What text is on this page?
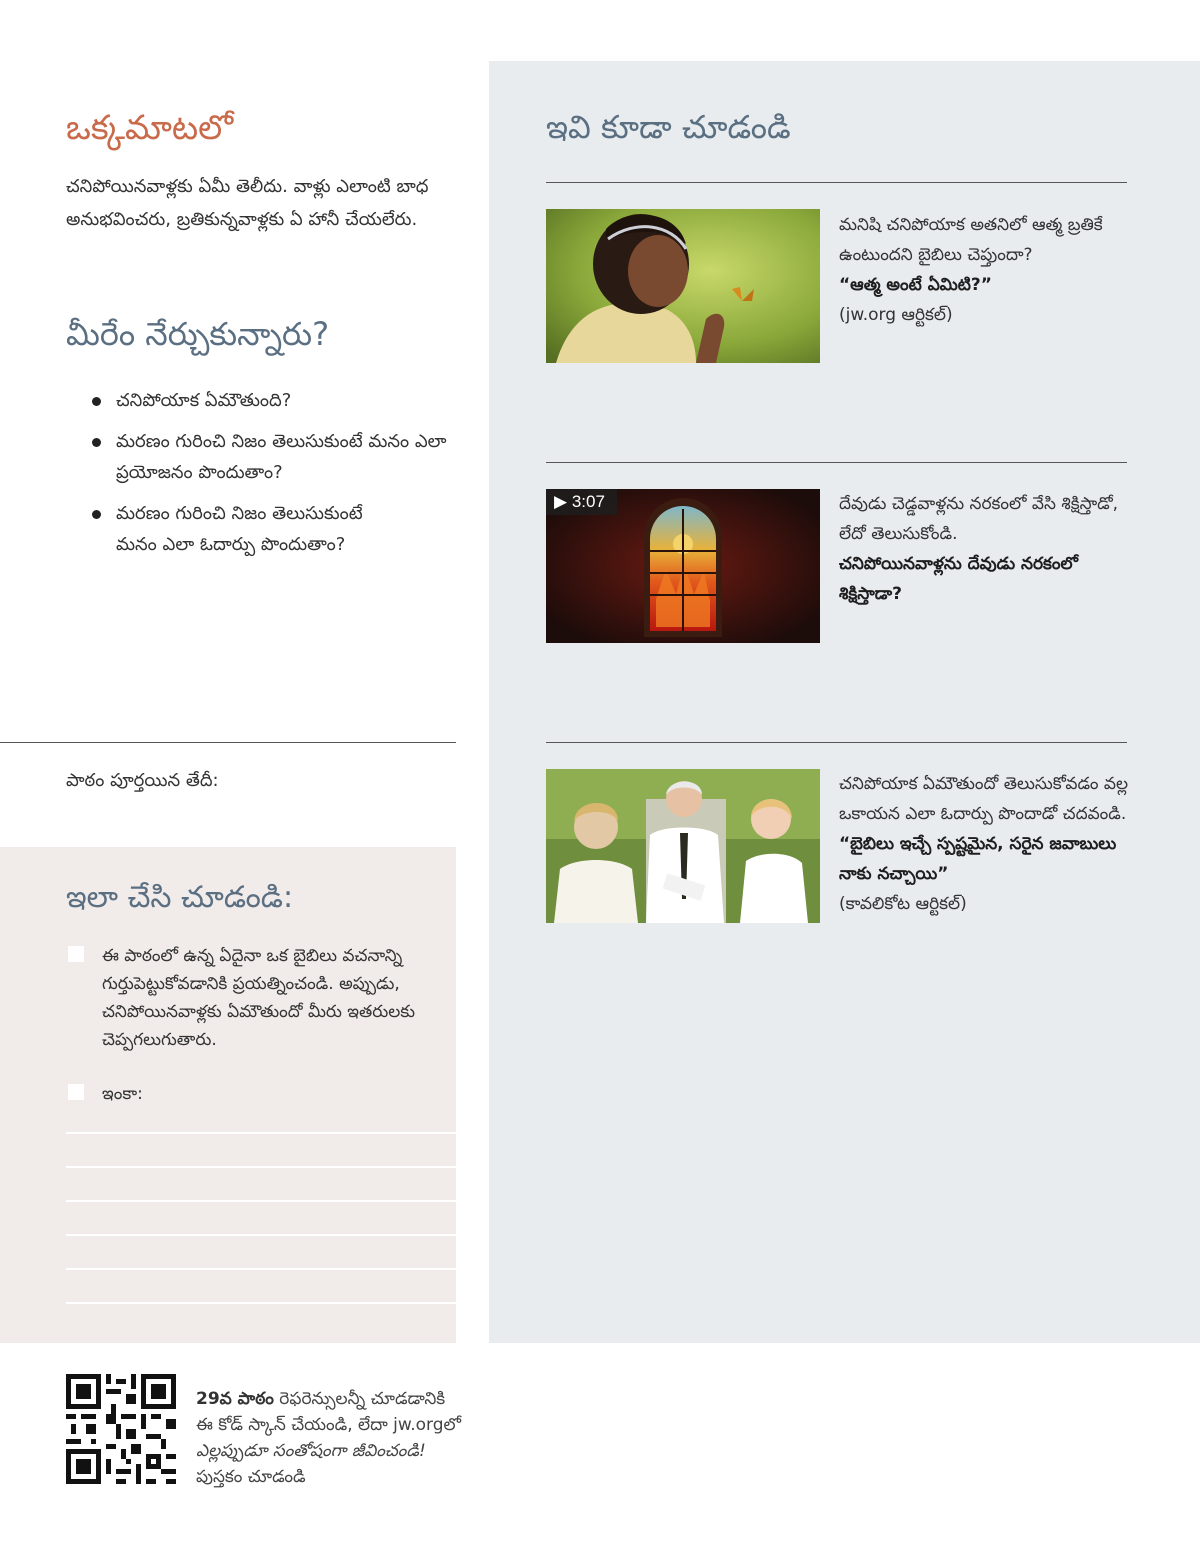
ఒక్కమాటలో
చనిపోయినవాళ్లకు ఏమీ తెలీదు. వాళ్లు ఎలాంటి బాధ అనుభవించరు, బ్రతికున్నవాళ్లకు ఏ హానీ చేయలేరు.
మీరేం నేర్చుకున్నారు?
చనిపోయాక ఏమౌతుంది?
మరణం గురించి నిజం తెలుసుకుంటే మనం ఎలా ప్రయోజనం పొందుతాం?
మరణం గురించి నిజం తెలుసుకుంటే మనం ఎలా ఓదార్పు పొందుతాం?
పాఠం పూర్తయిన తేదీ:
ఇలా చేసి చూడండి:
ఈ పాఠంలో ఉన్న ఏదైనా ఒక బైబిలు వచనాన్ని గుర్తుపెట్టుకోవడానికి ప్రయత్నించండి. అప్పుడు, చనిపోయినవాళ్లకు ఏమౌతుందో మీరు ఇతరులకు చెప్పగలుగుతారు.
ఇంకా:
ఇవి కూడా చూడండి
మనిషి చనిపోయాక అతనిలో ఆత్మ బ్రతికే ఉంటుందని బైబిలు చెప్తుందా?
“ఆత్మ అంటే ఏమిటి?”
(jw.org ఆర్టికల్)
▶ 3:07	దేవుడు చెడ్డవాళ్లను నరకంలో వేసి శిక్షిస్తాడో, లేదో తెలుసుకోండి.
చనిపోయినవాళ్లను దేవుడు నరకంలో శిక్షిస్తాడా?
చనిపోయాక ఏమౌతుందో తెలుసుకోవడం వల్ల ఒకాయన ఎలా ఓదార్పు పొందాడో చదవండి.
“బైబిలు ఇచ్చే స్పష్టమైన, సరైన జవాబులు నాకు నచ్చాయి”
(కావలికోట ఆర్టికల్)
29వ పాఠం రెఫరెన్సులన్నీ చూడడానికి
ఈ కోడ్ స్కాన్ చేయండి, లేదా jw.orgలో
ఎల్లప్పుడూ సంతోషంగా జీవించండి!
పుస్తకం చూడండి
